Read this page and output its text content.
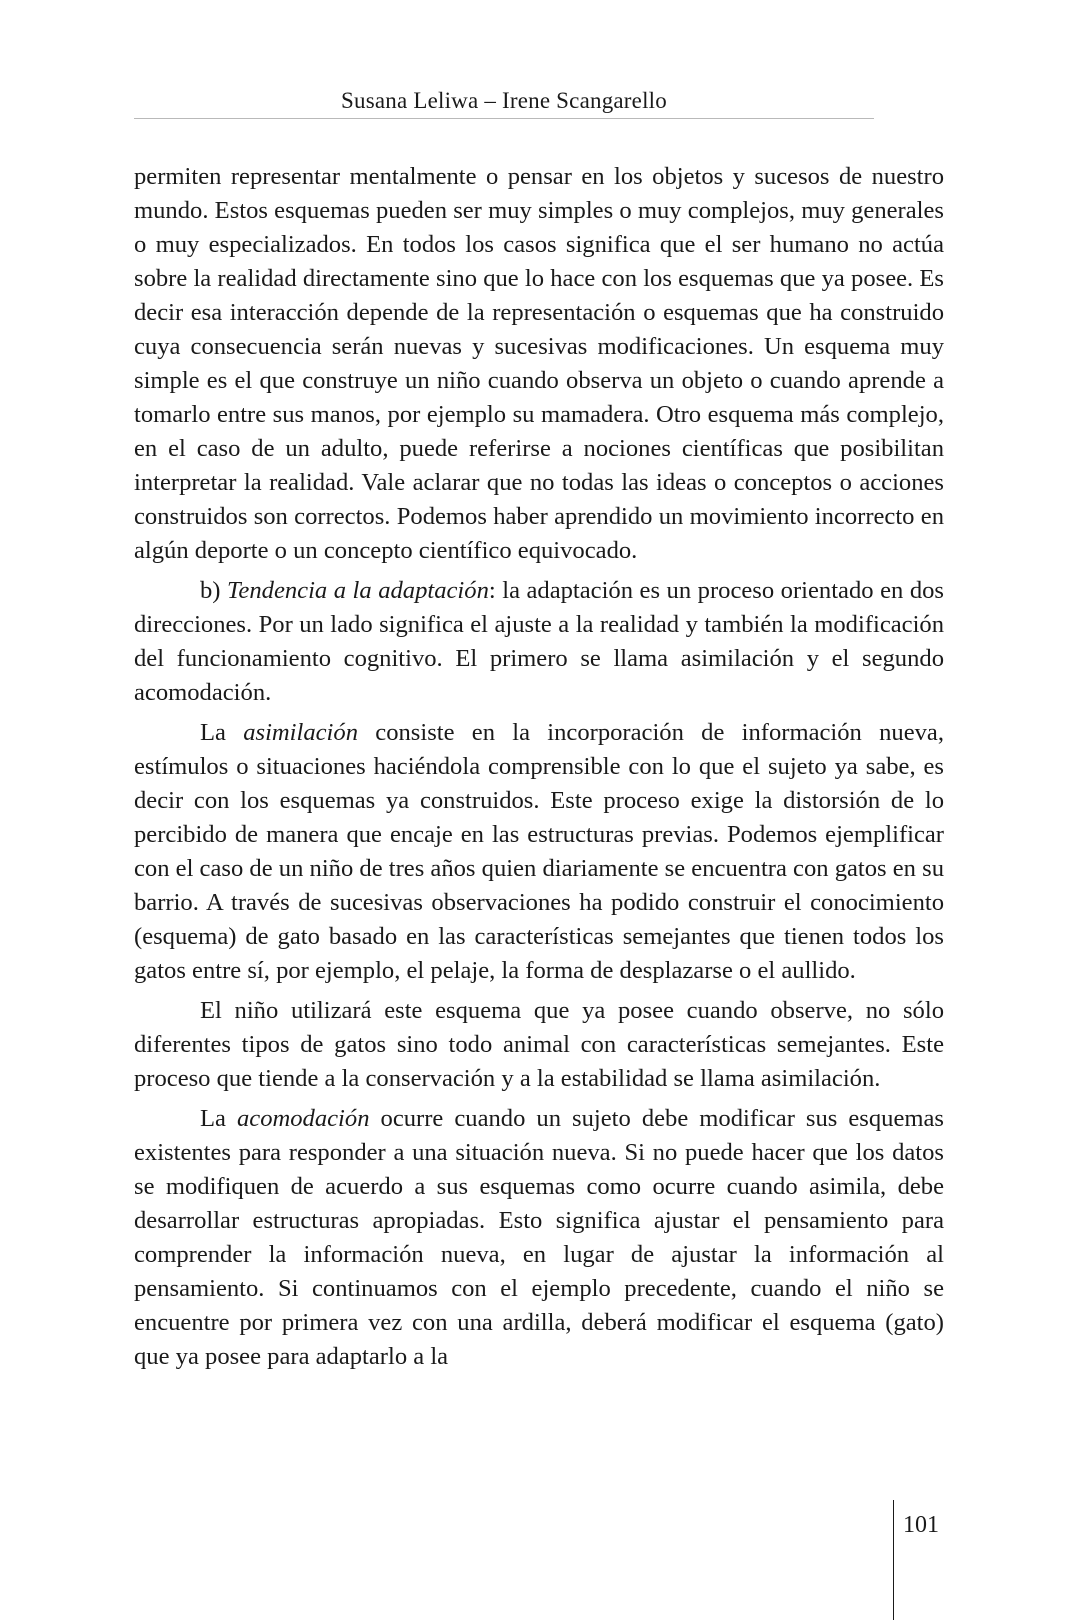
Susana Leliwa – Irene Scangarello

permiten representar mentalmente o pensar en los objetos y sucesos de nuestro mundo. Estos esquemas pueden ser muy simples o muy complejos, muy generales o muy especializados. En todos los casos significa que el ser humano no actúa sobre la realidad directamente sino que lo hace con los esquemas que ya posee. Es decir esa interacción depende de la representación o esquemas que ha construido cuya consecuencia serán nuevas y sucesivas modificaciones. Un esquema muy simple es el que construye un niño cuando observa un objeto o cuando aprende a tomarlo entre sus manos, por ejemplo su mamadera. Otro esquema más complejo, en el caso de un adulto, puede referirse a nociones científicas que posibilitan interpretar la realidad. Vale aclarar que no todas las ideas o conceptos o acciones construidos son correctos. Podemos haber aprendido un movimiento incorrecto en algún deporte o un concepto científico equivocado.

b) Tendencia a la adaptación: la adaptación es un proceso orientado en dos direcciones. Por un lado significa el ajuste a la realidad y también la modificación del funcionamiento cognitivo. El primero se llama asimilación y el segundo acomodación.

La asimilación consiste en la incorporación de información nueva, estímulos o situaciones haciéndola comprensible con lo que el sujeto ya sabe, es decir con los esquemas ya construidos. Este proceso exige la distorsión de lo percibido de manera que encaje en las estructuras previas. Podemos ejemplificar con el caso de un niño de tres años quien diariamente se encuentra con gatos en su barrio. A través de sucesivas observaciones ha podido construir el conocimiento (esquema) de gato basado en las características semejantes que tienen todos los gatos entre sí, por ejemplo, el pelaje, la forma de desplazarse o el aullido.

El niño utilizará este esquema que ya posee cuando observe, no sólo diferentes tipos de gatos sino todo animal con características semejantes. Este proceso que tiende a la conservación y a la estabilidad se llama asimilación.

La acomodación ocurre cuando un sujeto debe modificar sus esquemas existentes para responder a una situación nueva. Si no puede hacer que los datos se modifiquen de acuerdo a sus esquemas como ocurre cuando asimila, debe desarrollar estructuras apropiadas. Esto significa ajustar el pensamiento para comprender la información nueva, en lugar de ajustar la información al pensamiento. Si continuamos con el ejemplo precedente, cuando el niño se encuentre por primera vez con una ardilla, deberá modificar el esquema (gato) que ya posee para adaptarlo a la

101
